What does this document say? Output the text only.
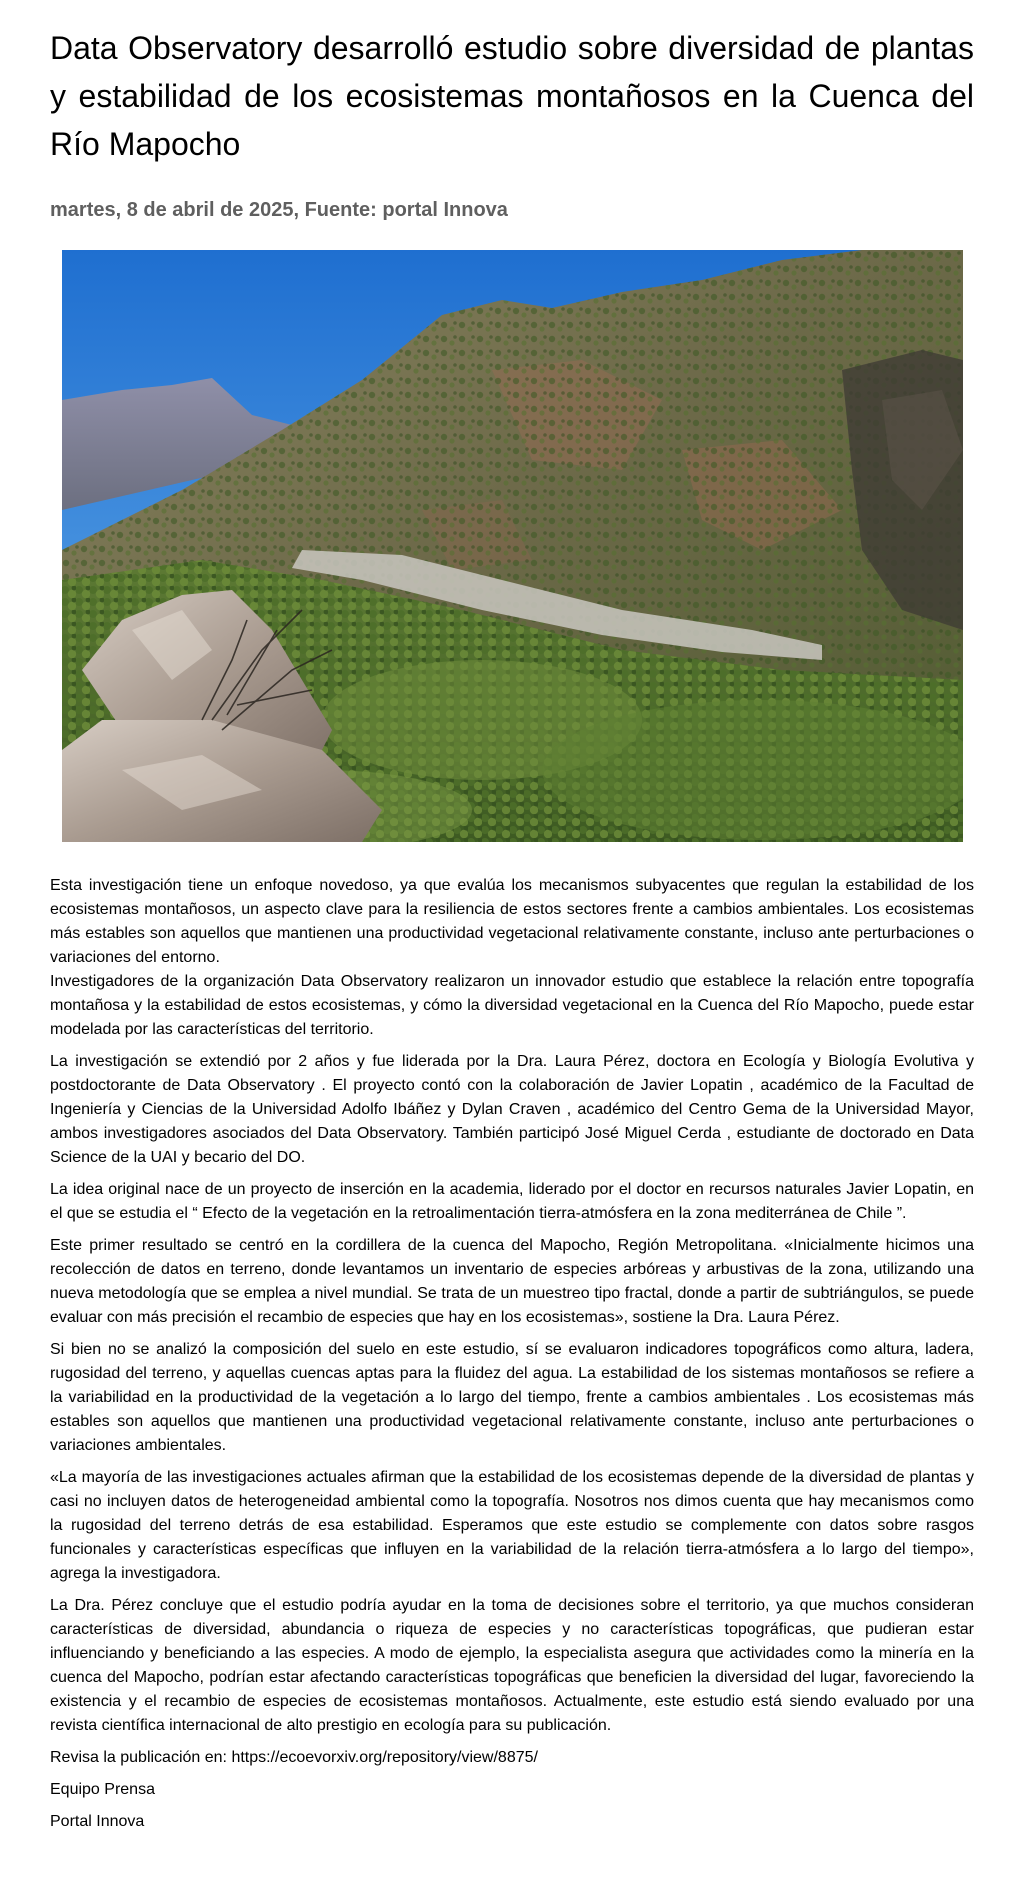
Data Observatory desarrolló estudio sobre diversidad de plantas y estabilidad de los ecosistemas montañosos en la Cuenca del Río Mapocho
martes, 8 de abril de 2025, Fuente: portal Innova

Esta investigación tiene un enfoque novedoso, ya que evalúa los mecanismos subyacentes que regulan la estabilidad de los ecosistemas montañosos, un aspecto clave para la resiliencia de estos sectores frente a cambios ambientales. Los ecosistemas más estables son aquellos que mantienen una productividad vegetacional relativamente constante, incluso ante perturbaciones o variaciones del entorno.

Investigadores de la organización Data Observatory realizaron un innovador estudio que establece la relación entre topografía montañosa y la estabilidad de estos ecosistemas, y cómo la diversidad vegetacional en la Cuenca del Río Mapocho, puede estar modelada por las características del territorio.

La investigación se extendió por 2 años y fue liderada por la Dra. Laura Pérez, doctora en Ecología y Biología Evolutiva y postdoctorante de Data Observatory . El proyecto contó con la colaboración de Javier Lopatin , académico de la Facultad de Ingeniería y Ciencias de la Universidad Adolfo Ibáñez y Dylan Craven , académico del Centro Gema de la Universidad Mayor, ambos investigadores asociados del Data Observatory. También participó José Miguel Cerda , estudiante de doctorado en Data Science de la UAI y becario del DO.

La idea original nace de un proyecto de inserción en la academia, liderado por el doctor en recursos naturales Javier Lopatin, en el que se estudia el “ Efecto de la vegetación en la retroalimentación tierra-atmósfera en la zona mediterránea de Chile ”.

Este primer resultado se centró en la cordillera de la cuenca del Mapocho, Región Metropolitana. «Inicialmente hicimos una recolección de datos en terreno, donde levantamos un inventario de especies arbóreas y arbustivas de la zona, utilizando una nueva metodología que se emplea a nivel mundial. Se trata de un muestreo tipo fractal, donde a partir de subtriángulos, se puede evaluar con más precisión el recambio de especies que hay en los ecosistemas», sostiene la Dra. Laura Pérez.

Si bien no se analizó la composición del suelo en este estudio, sí se evaluaron indicadores topográficos como altura, ladera, rugosidad del terreno, y aquellas cuencas aptas para la fluidez del agua. La estabilidad de los sistemas montañosos se refiere a la variabilidad en la productividad de la vegetación a lo largo del tiempo, frente a cambios ambientales . Los ecosistemas más estables son aquellos que mantienen una productividad vegetacional relativamente constante, incluso ante perturbaciones o variaciones ambientales.

«La mayoría de las investigaciones actuales afirman que la estabilidad de los ecosistemas depende de la diversidad de plantas y casi no incluyen datos de heterogeneidad ambiental como la topografía. Nosotros nos dimos cuenta que hay mecanismos como la rugosidad del terreno detrás de esa estabilidad. Esperamos que este estudio se complemente con datos sobre rasgos funcionales y características específicas que influyen en la variabilidad de la relación tierra-atmósfera a lo largo del tiempo», agrega la investigadora.

La Dra. Pérez concluye que el estudio podría ayudar en la toma de decisiones sobre el territorio, ya que muchos consideran características de diversidad, abundancia o riqueza de especies y no características topográficas, que pudieran estar influenciando y beneficiando a las especies. A modo de ejemplo, la especialista asegura que actividades como la minería en la cuenca del Mapocho, podrían estar afectando características topográficas que beneficien la diversidad del lugar, favoreciendo la existencia y el recambio de especies de ecosistemas montañosos. Actualmente, este estudio está siendo evaluado por una revista científica internacional de alto prestigio en ecología para su publicación.

Revisa la publicación en: https://ecoevorxiv.org/repository/view/8875/

Equipo Prensa

Portal Innova
